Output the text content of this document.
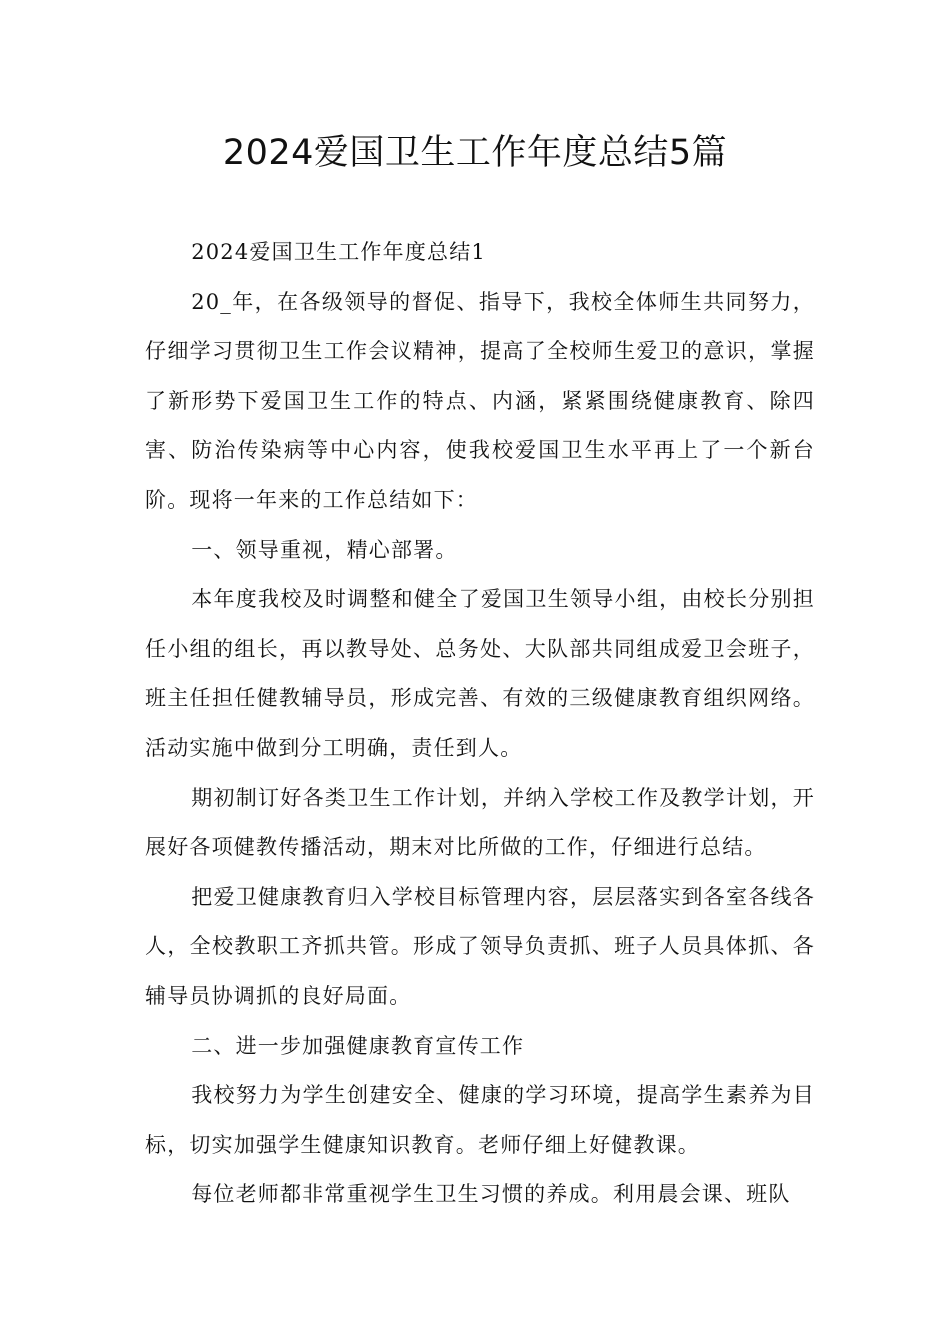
2024爱国卫生工作年度总结5篇

2024爱国卫生工作年度总结1

20_年，在各级领导的督促、指导下，我校全体师生共同努力，仔细学习贯彻卫生工作会议精神，提高了全校师生爱卫的意识，掌握了新形势下爱国卫生工作的特点、内涵，紧紧围绕健康教育、除四害、防治传染病等中心内容，使我校爱国卫生水平再上了一个新台阶。现将一年来的工作总结如下：

一、领导重视，精心部署。

本年度我校及时调整和健全了爱国卫生领导小组，由校长分别担任小组的组长，再以教导处、总务处、大队部共同组成爱卫会班子，班主任担任健教辅导员，形成完善、有效的三级健康教育组织网络。活动实施中做到分工明确，责任到人。

期初制订好各类卫生工作计划，并纳入学校工作及教学计划，开展好各项健教传播活动，期末对比所做的工作，仔细进行总结。

把爱卫健康教育归入学校目标管理内容，层层落实到各室各线各人，全校教职工齐抓共管。形成了领导负责抓、班子人员具体抓、各辅导员协调抓的良好局面。

二、进一步加强健康教育宣传工作

我校努力为学生创建安全、健康的学习环境，提高学生素养为目标，切实加强学生健康知识教育。老师仔细上好健教课。

每位老师都非常重视学生卫生习惯的养成。利用晨会课、班队
